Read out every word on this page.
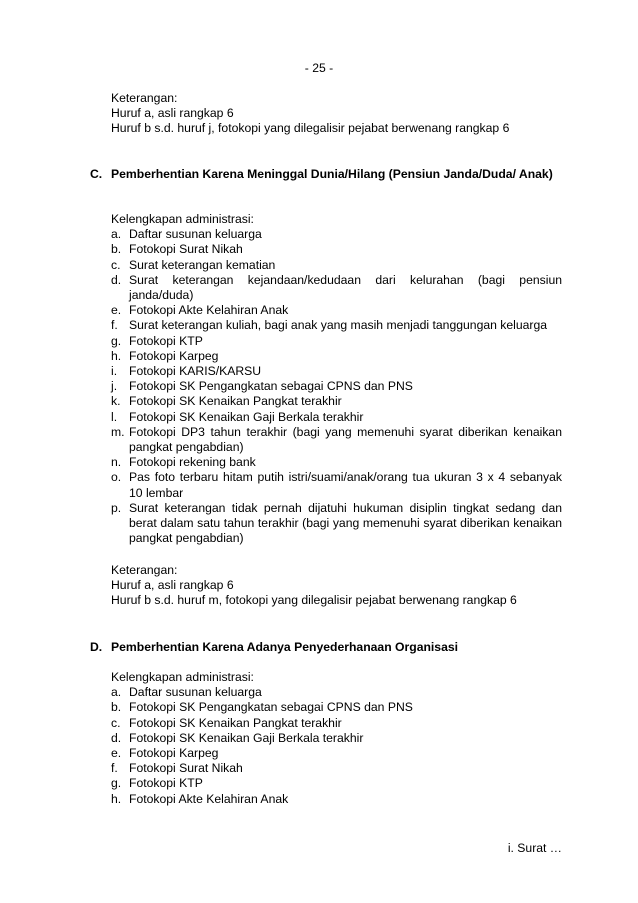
- 25 -
Keterangan:
Huruf a, asli rangkap 6
Huruf b s.d. huruf j, fotokopi yang dilegalisir pejabat berwenang rangkap 6
C. Pemberhentian Karena Meninggal Dunia/Hilang (Pensiun Janda/Duda/ Anak)
Kelengkapan administrasi:
a. Daftar susunan keluarga
b. Fotokopi Surat Nikah
c. Surat keterangan kematian
d. Surat keterangan kejandaan/kedudaan dari kelurahan (bagi pensiun janda/duda)
e. Fotokopi Akte Kelahiran Anak
f. Surat keterangan kuliah, bagi anak yang masih menjadi tanggungan keluarga
g. Fotokopi KTP
h. Fotokopi Karpeg
i. Fotokopi KARIS/KARSU
j. Fotokopi SK Pengangkatan sebagai CPNS dan PNS
k. Fotokopi SK Kenaikan Pangkat terakhir
l. Fotokopi SK Kenaikan Gaji Berkala terakhir
m. Fotokopi DP3 tahun terakhir (bagi yang memenuhi syarat diberikan kenaikan pangkat pengabdian)
n. Fotokopi rekening bank
o. Pas foto terbaru hitam putih istri/suami/anak/orang tua ukuran 3 x 4 sebanyak 10 lembar
p. Surat keterangan tidak pernah dijatuhi hukuman disiplin tingkat sedang dan berat dalam satu tahun terakhir (bagi yang memenuhi syarat diberikan kenaikan pangkat pengabdian)
Keterangan:
Huruf a, asli rangkap 6
Huruf b s.d. huruf m, fotokopi yang dilegalisir pejabat berwenang rangkap 6
D. Pemberhentian Karena Adanya Penyederhanaan Organisasi
Kelengkapan administrasi:
a. Daftar susunan keluarga
b. Fotokopi SK Pengangkatan sebagai CPNS dan PNS
c. Fotokopi SK Kenaikan Pangkat terakhir
d. Fotokopi SK Kenaikan Gaji Berkala terakhir
e. Fotokopi Karpeg
f. Fotokopi Surat Nikah
g. Fotokopi KTP
h. Fotokopi Akte Kelahiran Anak
i. Surat …
